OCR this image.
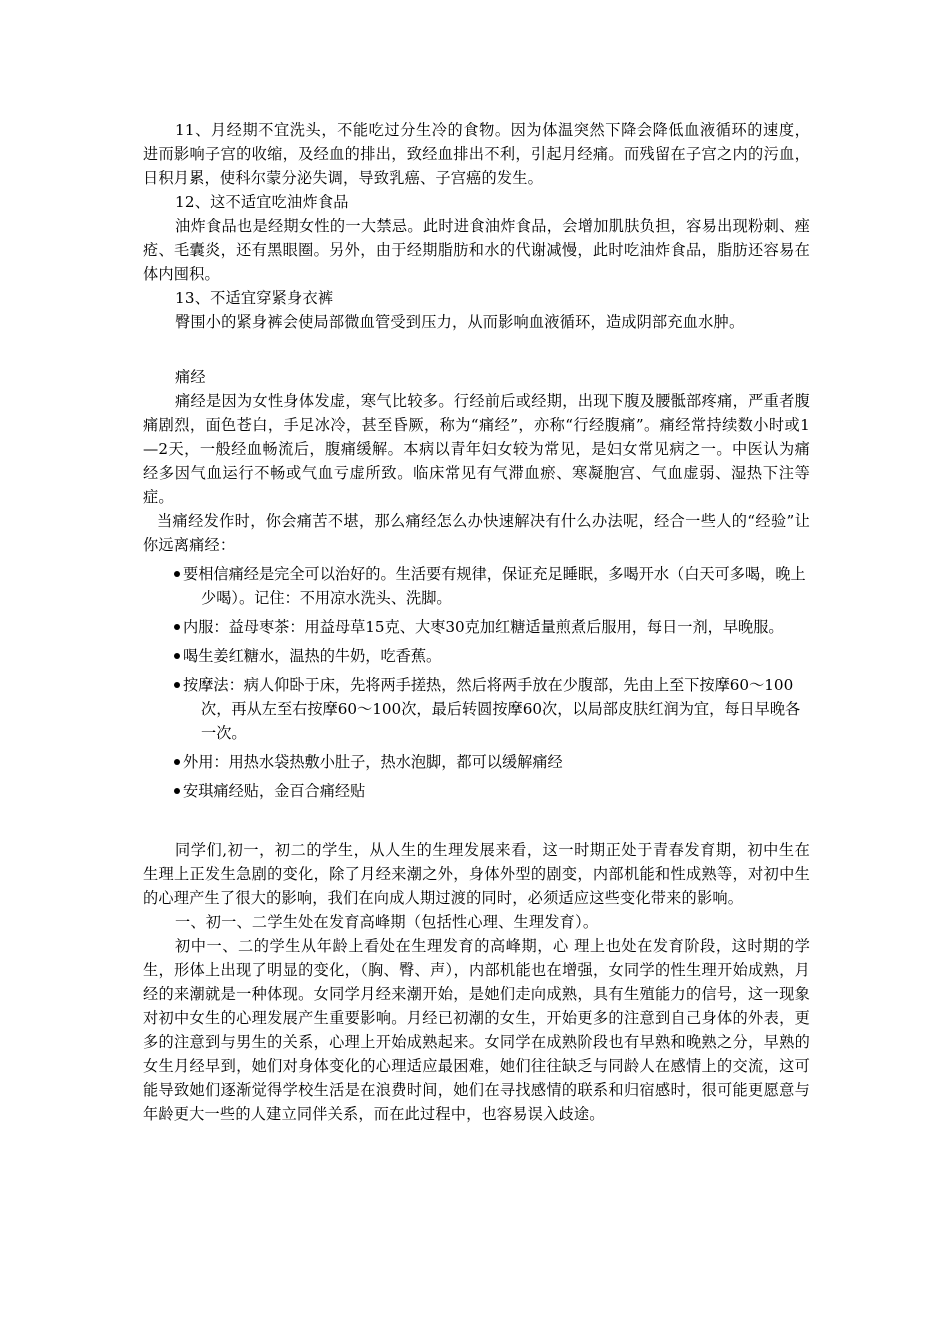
11、月经期不宜洗头，不能吃过分生冷的食物。因为体温突然下降会降低血液循环的速度，进而影响子宫的收缩，及经血的排出，致经血排出不利，引起月经痛。而残留在子宫之内的污血，日积月累，使科尔蒙分泌失调，导致乳癌、子宫癌的发生。

12、这不适宜吃油炸食品

油炸食品也是经期女性的一大禁忌。此时进食油炸食品，会增加肌肤负担，容易出现粉刺、痤疮、毛囊炎，还有黑眼圈。另外，由于经期脂肪和水的代谢减慢，此时吃油炸食品，脂肪还容易在体内囤积。

13、不适宜穿紧身衣裤

臀围小的紧身裤会使局部微血管受到压力，从而影响血液循环，造成阴部充血水肿。

痛经

痛经是因为女性身体发虚，寒气比较多。行经前后或经期，出现下腹及腰骶部疼痛，严重者腹痛剧烈，面色苍白，手足冰冷，甚至昏厥，称为“痛经”，亦称“行经腹痛”。痛经常持续数小时或1—2天，一般经血畅流后，腹痛缓解。本病以青年妇女较为常见，是妇女常见病之一。中医认为痛经多因气血运行不畅或气血亏虚所致。临床常见有气滞血瘀、寒凝胞宫、气血虚弱、湿热下注等症。

当痛经发作时，你会痛苦不堪，那么痛经怎么办快速解决有什么办法呢，经合一些人的“经验”让你远离痛经：

要相信痛经是完全可以治好的。生活要有规律，保证充足睡眠，多喝开水（白天可多喝，晚上少喝）。记住：不用凉水洗头、洗脚。
内服：益母枣茶：用益母草15克、大枣30克加红糖适量煎煮后服用，每日一剂，早晚服。
喝生姜红糖水，温热的牛奶，吃香蕉。
按摩法：病人仰卧于床，先将两手搓热，然后将两手放在少腹部，先由上至下按摩60～100次，再从左至右按摩60～100次，最后转圆按摩60次，以局部皮肤红润为宜，每日早晚各一次。
外用：用热水袋热敷小肚子，热水泡脚，都可以缓解痛经
安琪痛经贴，金百合痛经贴

同学们,初一，初二的学生，从人生的生理发展来看，这一时期正处于青春发育期，初中生在生理上正发生急剧的变化，除了月经来潮之外，身体外型的剧变，内部机能和性成熟等，对初中生的心理产生了很大的影响，我们在向成人期过渡的同时，必须适应这些变化带来的影响。

一、初一、二学生处在发育高峰期（包括性心理、生理发育）。

初中一、二的学生从年龄上看处在生理发育的高峰期，心 理上也处在发育阶段，这时期的学生，形体上出现了明显的变化，（胸、臀、声），内部机能也在增强，女同学的性生理开始成熟，月经的来潮就是一种体现。女同学月经来潮开始，是她们走向成熟，具有生殖能力的信号，这一现象对初中女生的心理发展产生重要影响。月经已初潮的女生，开始更多的注意到自己身体的外表，更多的注意到与男生的关系，心理上开始成熟起来。女同学在成熟阶段也有早熟和晚熟之分，早熟的女生月经早到，她们对身体变化的心理适应最困难，她们往往缺乏与同龄人在感情上的交流，这可能导致她们逐渐觉得学校生活是在浪费时间，她们在寻找感情的联系和归宿感时，很可能更愿意与年龄更大一些的人建立同伴关系，而在此过程中，也容易误入歧途。
